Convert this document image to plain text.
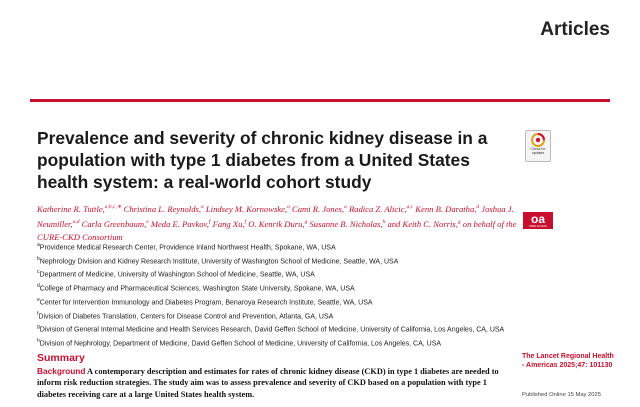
Articles
Prevalence and severity of chronic kidney disease in a population with type 1 diabetes from a United States health system: a real-world cohort study
Check for updates
Katherine R. Tuttle,$^{a,b,c,∗}$ Christina L. Reynolds,$^a$ Lindsey M. Kornowske,$^a$ Cami R. Jones,$^a$ Radica Z. Alicic,$^{a,c}$ Kenn B. Daratha,$^d$ Joshua J. Neumiller,$^{a,d}$ Carla Greenbaum,$^e$ Meda E. Pavkov,$^f$ Fang Xu,$^f$ O. Kenrik Duru,$^g$ Susanne B. Nicholas,$^h$ and Keith C. Norris,$^g$ on behalf of the CURE-CKD Consortium
oa
OPEN ACCESS
$^a$Providence Medical Research Center, Providence Inland Northwest Health, Spokane, WA, USA
$^b$Nephrology Division and Kidney Research Institute, University of Washington School of Medicine, Seattle, WA, USA
$^c$Department of Medicine, University of Washington School of Medicine, Seattle, WA, USA
$^d$College of Pharmacy and Pharmaceutical Sciences, Washington State University, Spokane, WA, USA
$^e$Center for Intervention Immunology and Diabetes Program, Benaroya Research Institute, Seattle, WA, USA
$^f$Division of Diabetes Translation, Centers for Disease Control and Prevention, Atlanta, GA, USA
$^g$Division of General Internal Medicine and Health Services Research, David Geffen School of Medicine, University of California, Los Angeles, CA, USA
$^h$Division of Nephrology, Department of Medicine, David Geffen School of Medicine, University of California, Los Angeles, CA, USA
Summary
Background A contemporary description and estimates for rates of chronic kidney disease (CKD) in type 1 diabetes are needed to inform risk reduction strategies. The study aim was to assess prevalence and severity of CKD based on a population with type 1 diabetes receiving care at a large United States health system.
The Lancet Regional Health - Americas 2025;47: 101130
Published Online 15 May 2025
